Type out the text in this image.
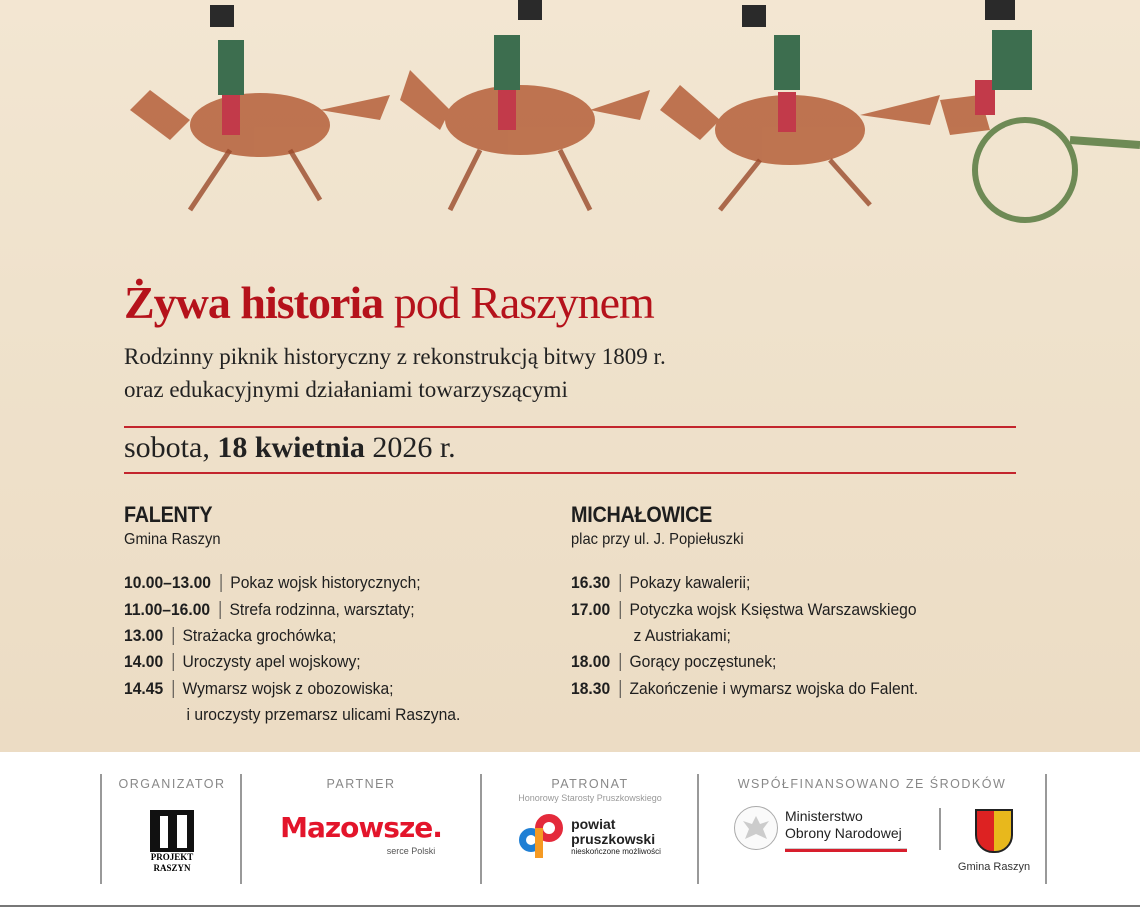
Żywa historia pod Raszynem
Rodzinny piknik historyczny z rekonstrukcją bitwy 1809 r.
oraz edukacyjnymi działaniami towarzyszącymi
sobota, 18 kwietnia 2026 r.
FALENTY
Gmina Raszyn
10.00–13.00	Pokaz wojsk historycznych;
11.00–16.00	Strefa rodzinna, warsztaty;
13.00	Strażacka grochówka;
14.00	Uroczysty apel wojskowy;
14.45	Wymarsz wojsk z obozowiska;
i uroczysty przemarsz ulicami Raszyna.
MICHAŁOWICE
plac przy ul. J. Popiełuszki
16.30	Pokazy kawalerii;
17.00	Potyczka wojsk Księstwa Warszawskiego
z Austriakami;
18.00	Gorący poczęstunek;
18.30	Zakończenie i wymarsz wojska do Falent.
ORGANIZATOR
PROJEKT RASZYN
PARTNER
Mazowsze.
serce Polski
PATRONAT
Honorowy Starosty Pruszkowskiego
powiat
pruszkowski
nieskończone możliwości
WSPÓŁFINANSOWANO ZE ŚRODKÓW
Ministerstwo
Obrony Narodowej
Gmina Raszyn
